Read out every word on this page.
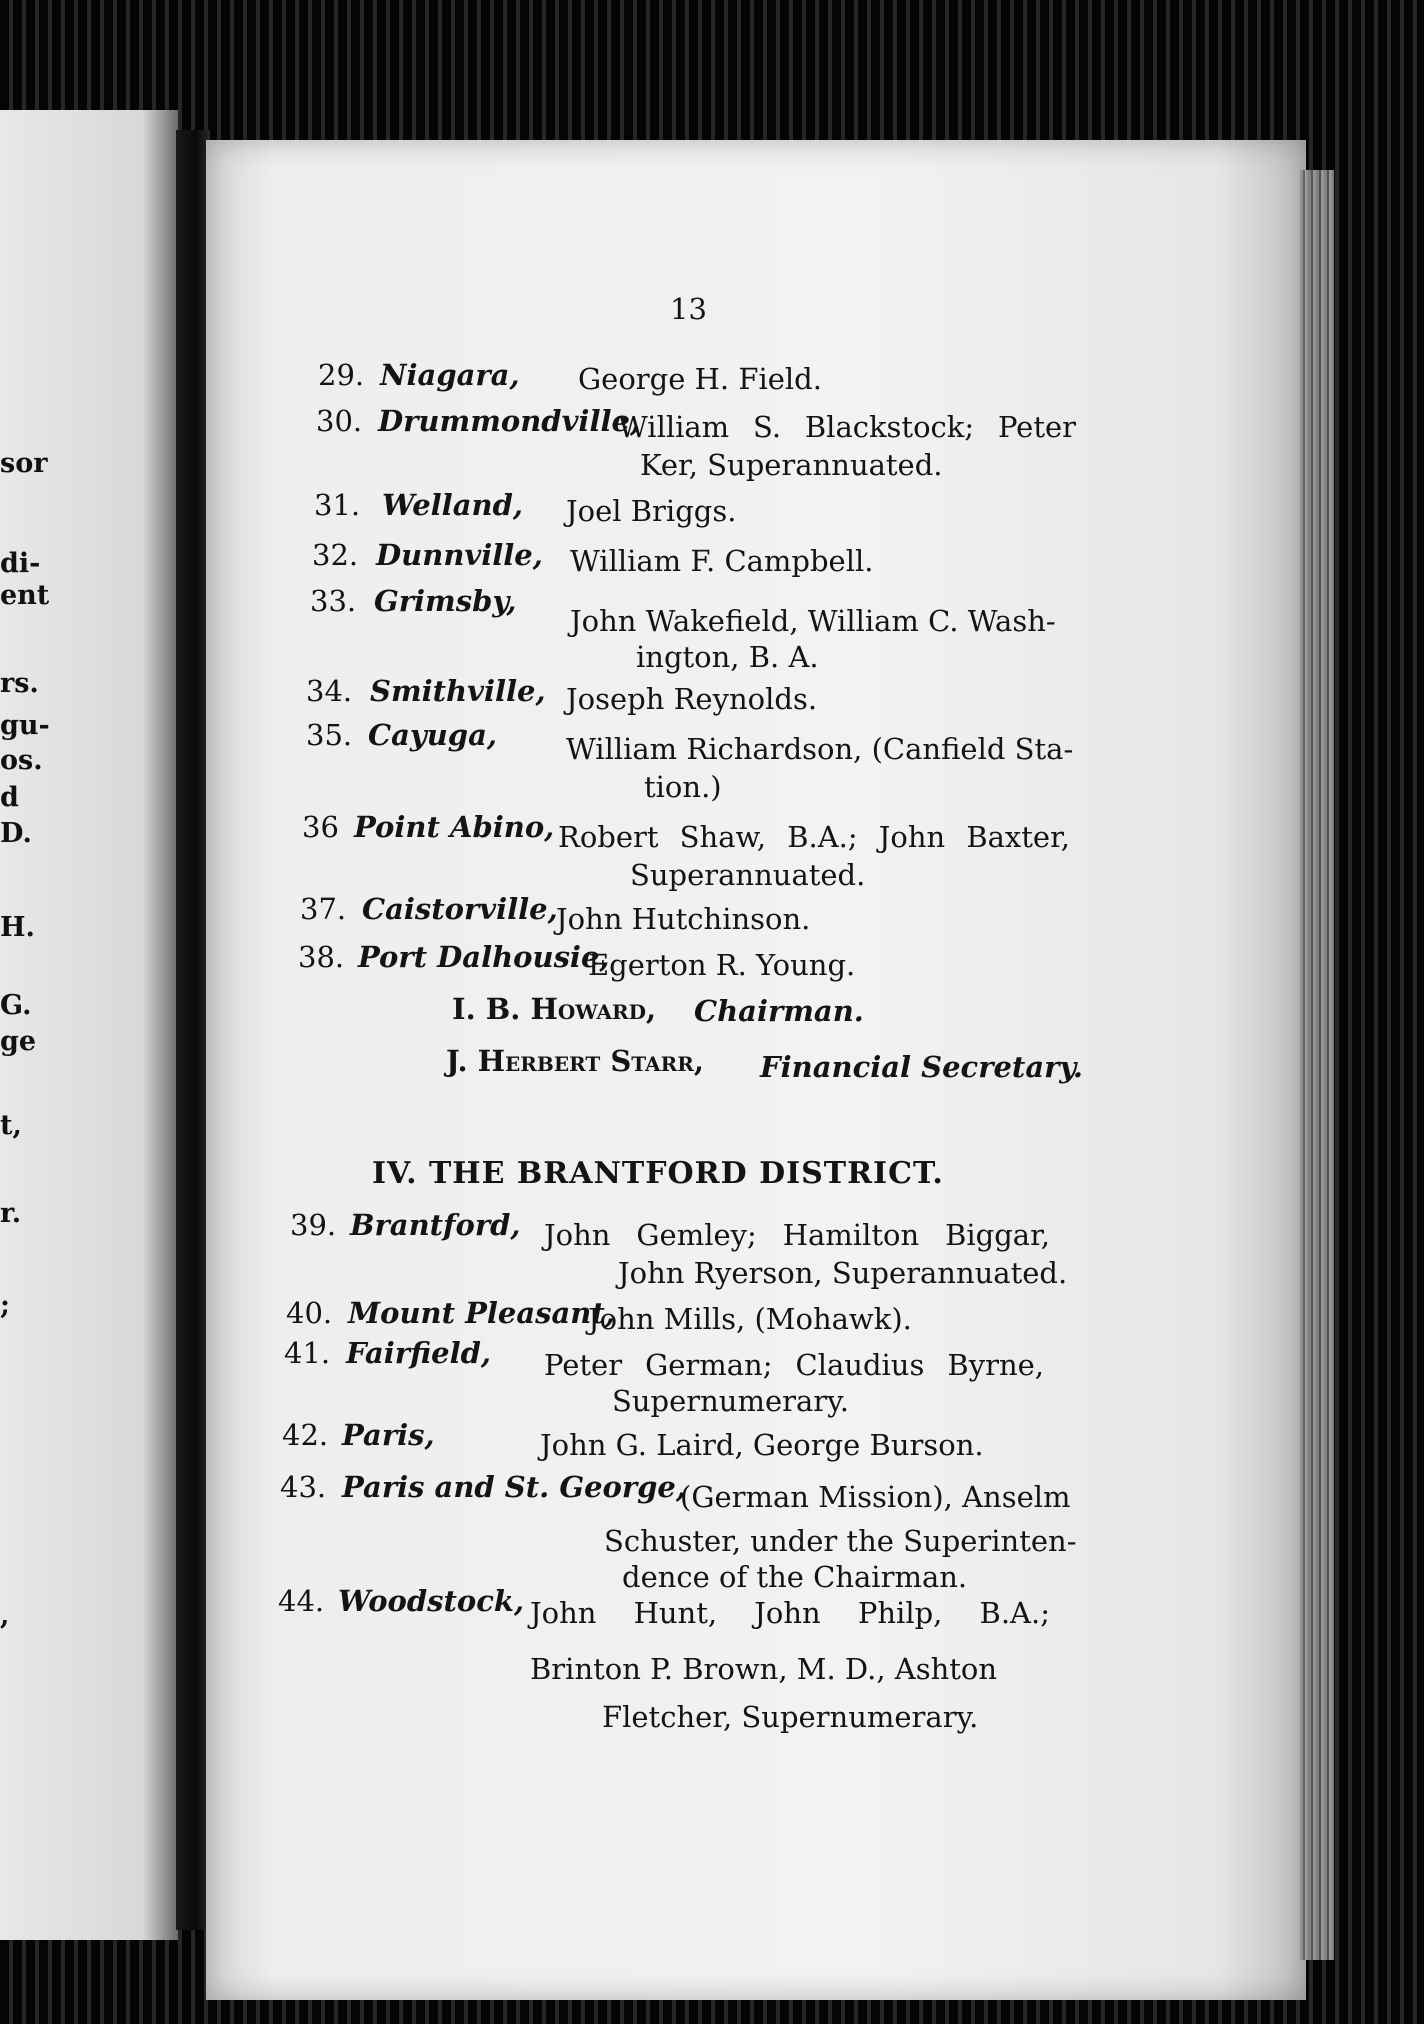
sor
di-
ent
rs.
gu-
os.
d
D.
H.
G.
ge
t,
r.
;
,
13
29. Niagara, George H. Field.
30. Drummondville,
William S. Blackstock; Peter
Ker, Superannuated.
31. Welland, Joel Briggs.
32. Dunnville, William F. Campbell.
33. Grimsby,
John Wakefield, William C. Wash-
ington, B. A.
34. Smithville, Joseph Reynolds.
35. Cayuga, William Richardson, (Canfield Sta-
tion.)
36 Point Abino, Robert Shaw, B.A.; John Baxter,
Superannuated.
37. Caistorville,
John Hutchinson.
38. Port Dalhousie,
Egerton R. Young.
I. B. Howard, Chairman.
J. Herbert Starr, Financial Secretary.
IV. THE BRANTFORD DISTRICT.
39. Brantford, John Gemley; Hamilton Biggar,
John Ryerson, Superannuated.
40. Mount Pleasant,
John Mills, (Mohawk).
41. Fairfield, Peter German; Claudius Byrne,
Supernumerary.
42. Paris,	John G. Laird, George Burson.
43. Paris and St. George,
(German Mission), Anselm
Schuster, under the Superinten-
dence of the Chairman.
44. Woodstock, John Hunt, John Philp, B.A.;
Brinton P. Brown, M. D., Ashton
Fletcher, Supernumerary.
